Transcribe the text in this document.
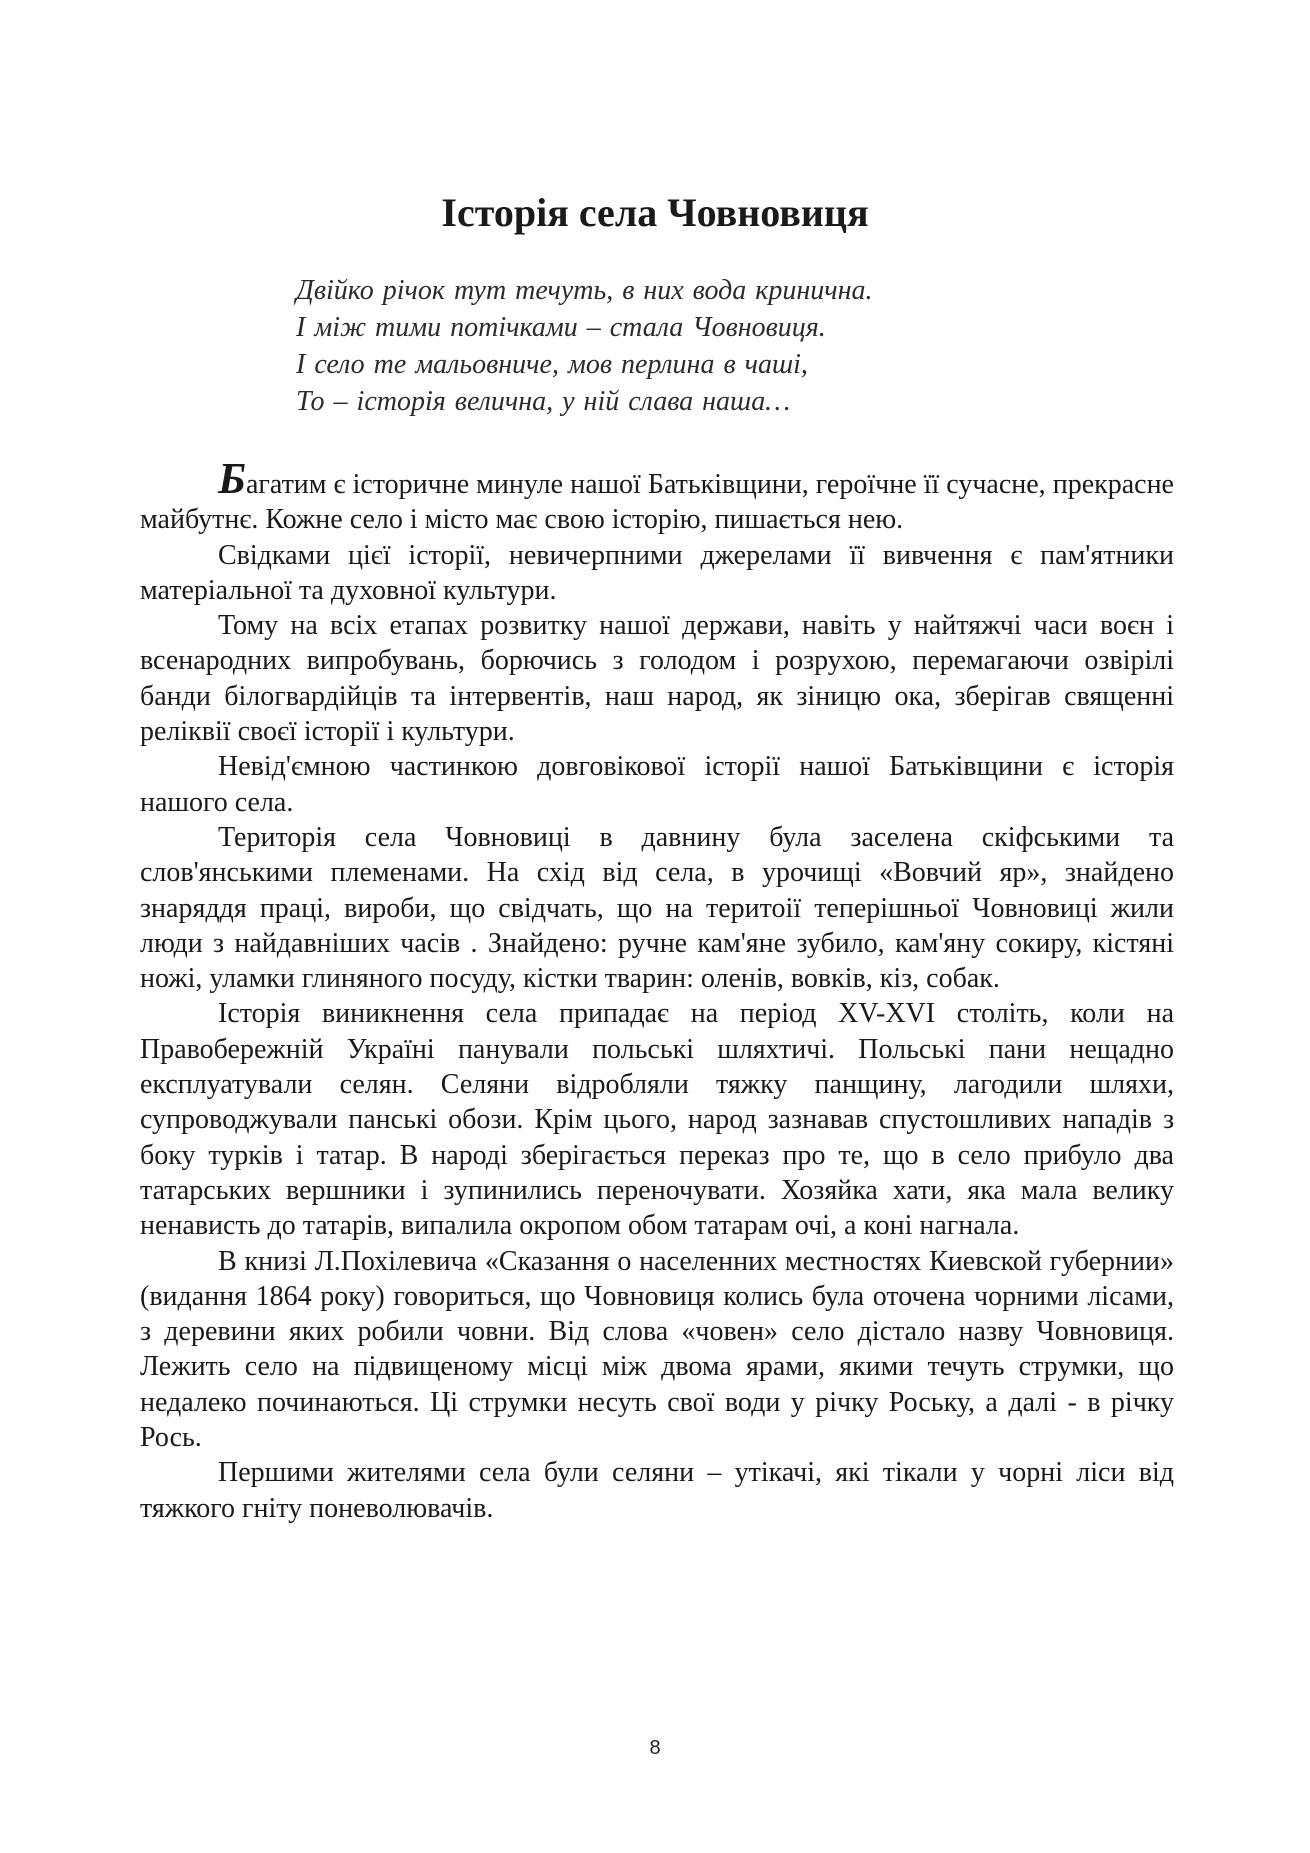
Історія села Човновиця
Двійко річок тут течуть, в них вода кринична.
І між тими потічками – стала Човновиця.
І село те мальовниче, мов перлина в чаші,
То – історія велична, у ній слава наша…

Багатим є історичне минуле нашої Батьківщини, героїчне її сучасне, прекрасне майбутнє. Кожне село і місто має свою історію, пишається нею.

Свідками цієї історії, невичерпними джерелами її вивчення є пам'ятники матеріальної та духовної культури.

Тому на всіх етапах розвитку нашої держави, навіть у найтяжчі часи воєн і всенародних випробувань, борючись з голодом і розрухою, перемагаючи озвірілі банди білогвардійців та інтервентів, наш народ, як зіницю ока, зберігав священні реліквії своєї історії і культури.

Невід'ємною частинкою довговікової історії нашої Батьківщини є історія нашого села.

Територія села Човновиці в давнину була заселена скіфськими та слов'янськими племенами. На схід від села, в урочищі «Вовчий яр», знайдено знаряддя праці, вироби, що свідчать, що на теритоії теперішньої Човновиці жили люди з найдавніших часів . Знайдено: ручне кам'яне зубило, кам'яну сокиру, кістяні ножі, уламки глиняного посуду, кістки тварин: оленів, вовків, кіз, собак.

Історія виникнення села припадає на період XV-XVI століть, коли на Правобережній Україні панували польські шляхтичі. Польські пани нещадно експлуатували селян. Селяни відробляли тяжку панщину, лагодили шляхи, супроводжували панські обози. Крім цього, народ зазнавав спустошливих нападів з боку турків і татар. В народі зберігається переказ про те, що в село прибуло два татарських вершники і зупинились переночувати. Хозяйка хати, яка мала велику ненависть до татарів, випалила окропом обом татарам очі, а коні нагнала.

В книзі Л.Похілевича «Сказання о населенних местностях Киевской губернии» (видання 1864 року) говориться, що Човновиця колись була оточена чорними лісами, з деревини яких робили човни. Від слова «човен» село дістало назву Човновиця. Лежить село на підвищеному місці між двома ярами, якими течуть струмки, що недалеко починаються. Ці струмки несуть свої води у річку Роську, а далі - в річку Рось.

Першими жителями села були селяни – утікачі, які тікали у чорні ліси від тяжкого гніту поневолювачів.

8
